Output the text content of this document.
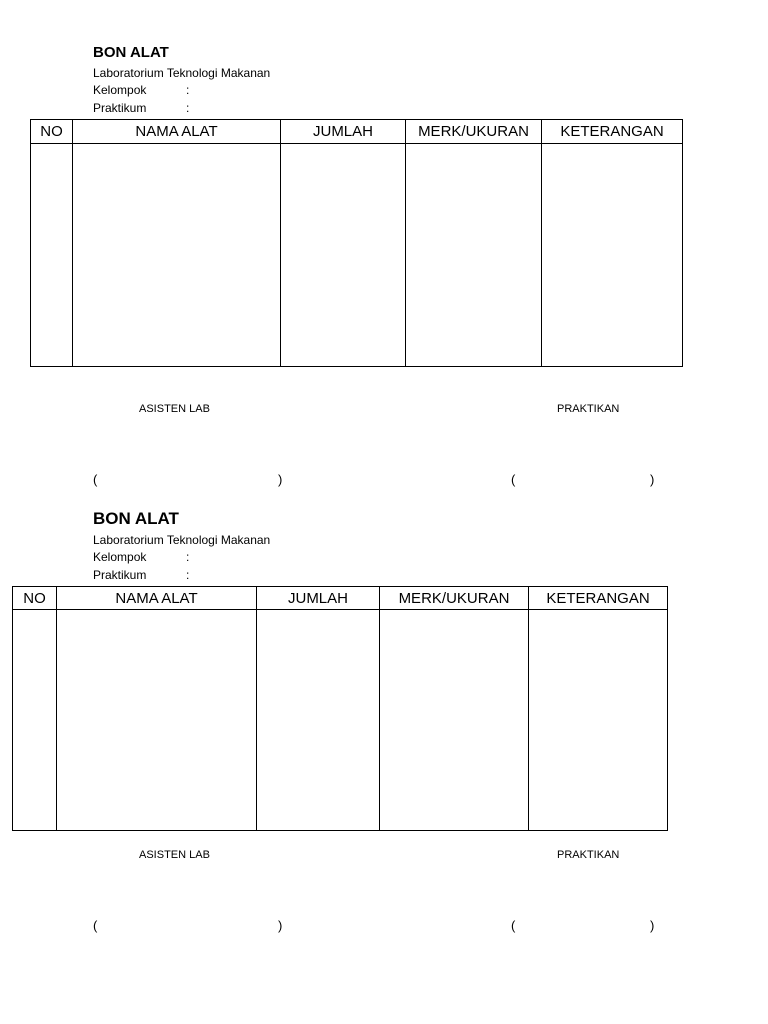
BON ALAT
Laboratorium Teknologi Makanan
Kelompok	:
Praktikum	:
NO	NAMA ALAT	JUMLAH	MERK/UKURAN	KETERANGAN

ASISTEN LAB	PRAKTIKAN
(	)	(	)
BON ALAT
Laboratorium Teknologi Makanan
Kelompok	:
Praktikum	:
NO	NAMA ALAT	JUMLAH	MERK/UKURAN	KETERANGAN

ASISTEN LAB	PRAKTIKAN
(	)	(	)
